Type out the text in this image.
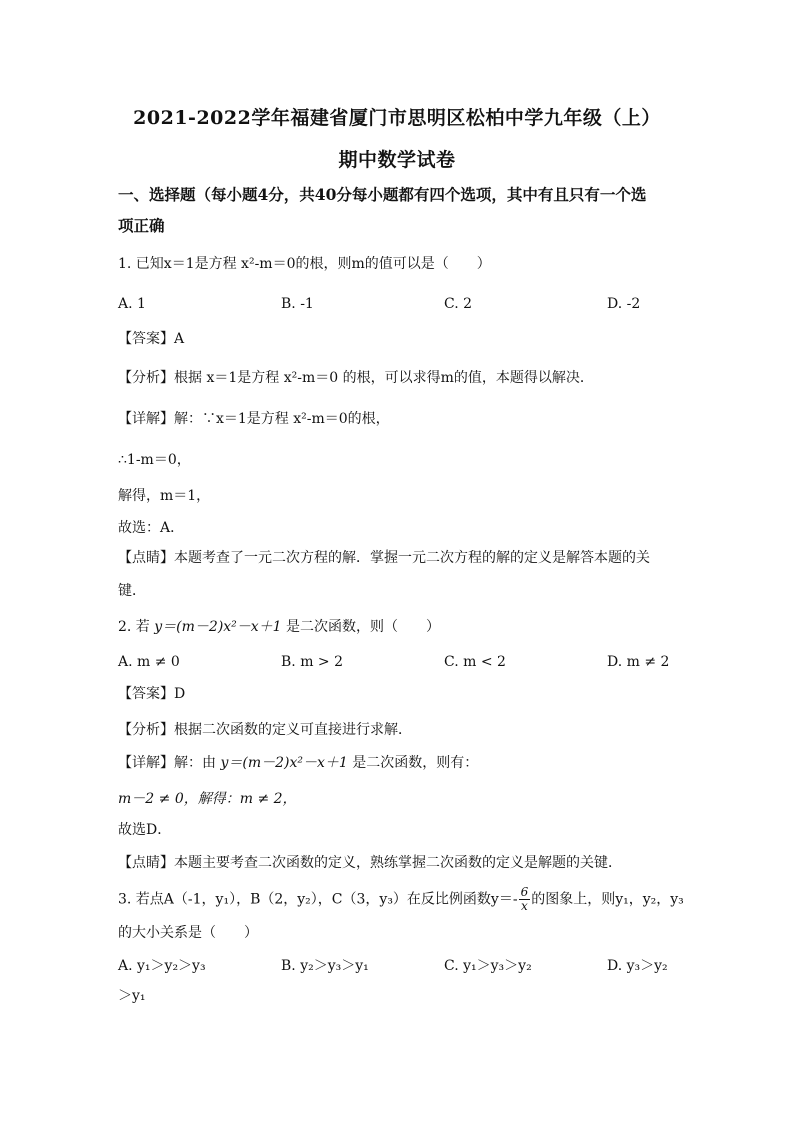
2021-2022学年福建省厦门市思明区松柏中学九年级（上）
期中数学试卷
一、选择题（每小题4分，共40分每小题都有四个选项，其中有且只有一个选
项正确
1. 已知x＝1是方程 x²-m＝0的根，则m的值可以是（　　）
A. 1	B. -1	C. 2	D. -2
【答案】A
【分析】根据 x＝1是方程 x²-m＝0 的根，可以求得m的值，本题得以解决．
【详解】解：∵x＝1是方程 x²-m＝0的根，
∴1-m＝0，
解得，m＝1，
故选：A．
【点睛】本题考查了一元二次方程的解．掌握一元二次方程的解的定义是解答本题的关
键．
2. 若 y＝(m－2)x²－x＋1 是二次函数，则（　　）
A. m ≠ 0	B. m > 2	C. m < 2	D. m ≠ 2
【答案】D
【分析】根据二次函数的定义可直接进行求解．
【详解】解：由 y＝(m－2)x²－x＋1 是二次函数，则有：
m－2 ≠ 0，解得：m ≠ 2，
故选D．
【点睛】本题主要考查二次函数的定义，熟练掌握二次函数的定义是解题的关键．
3. 若点A（-1，y₁），B（2，y₂），C（3，y₃）在反比例函数$y=- \frac{6}{x}$ 的图象上，则y₁，y₂，y₃
的大小关系是（　　）
A. y₁＞y₂＞y₃	B. y₂＞y₃＞y₁	C. y₁＞y₃＞y₂	D. y₃＞y₂
＞y₁
